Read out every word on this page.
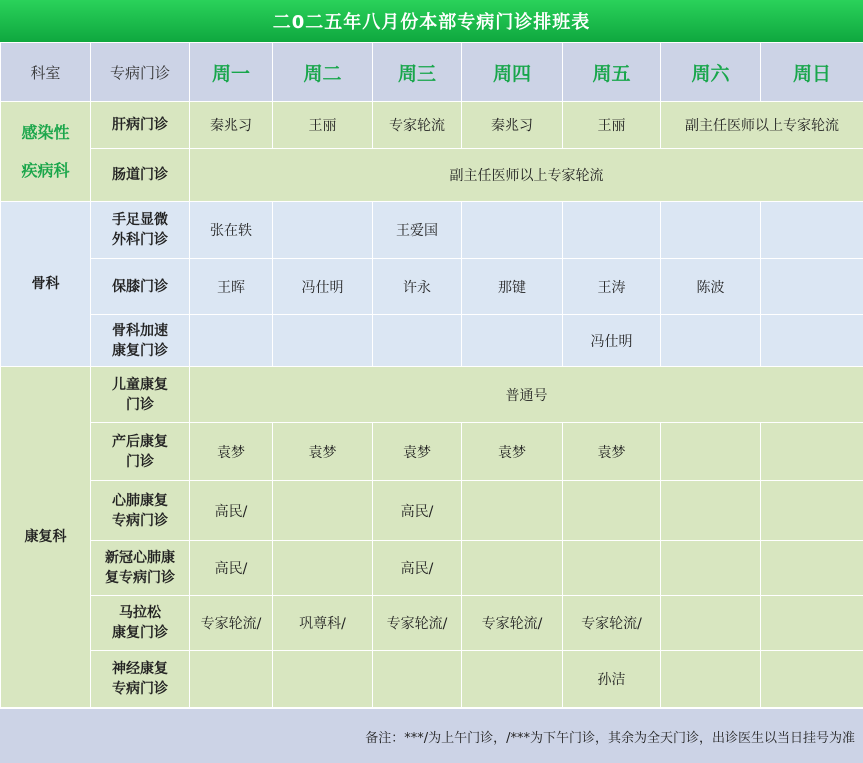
二0二五年八月份本部专病门诊排班表
科室	专病门诊	周一	周二	周三	周四	周五	周六	周日

感染性
疾病科	肝病门诊	秦兆习	王丽	专家轮流	秦兆习	王丽	副主任医师以上专家轮流	
	肠道门诊	副主任医师以上专家轮流						
骨科	手足显微
外科门诊	张在轶		王爱国				
	保膝门诊	王晖	冯仕明	许永	那键	王涛	陈波	

	骨科加速
康复门诊					冯仕明		
康复科	儿童康复
门诊	普通号						

	产后康复
门诊	袁梦	袁梦	袁梦	袁梦	袁梦		

	心肺康复
专病门诊	高民/		高民/				

	新冠心肺康
复专病门诊	高民/		高民/				

	马拉松
康复门诊	专家轮流/	巩尊科/	专家轮流/	专家轮流/	专家轮流/		

	神经康复
专病门诊					孙洁		
备注：***/为上午门诊，/***为下午门诊，其余为全天门诊，出诊医生以当日挂号为准
